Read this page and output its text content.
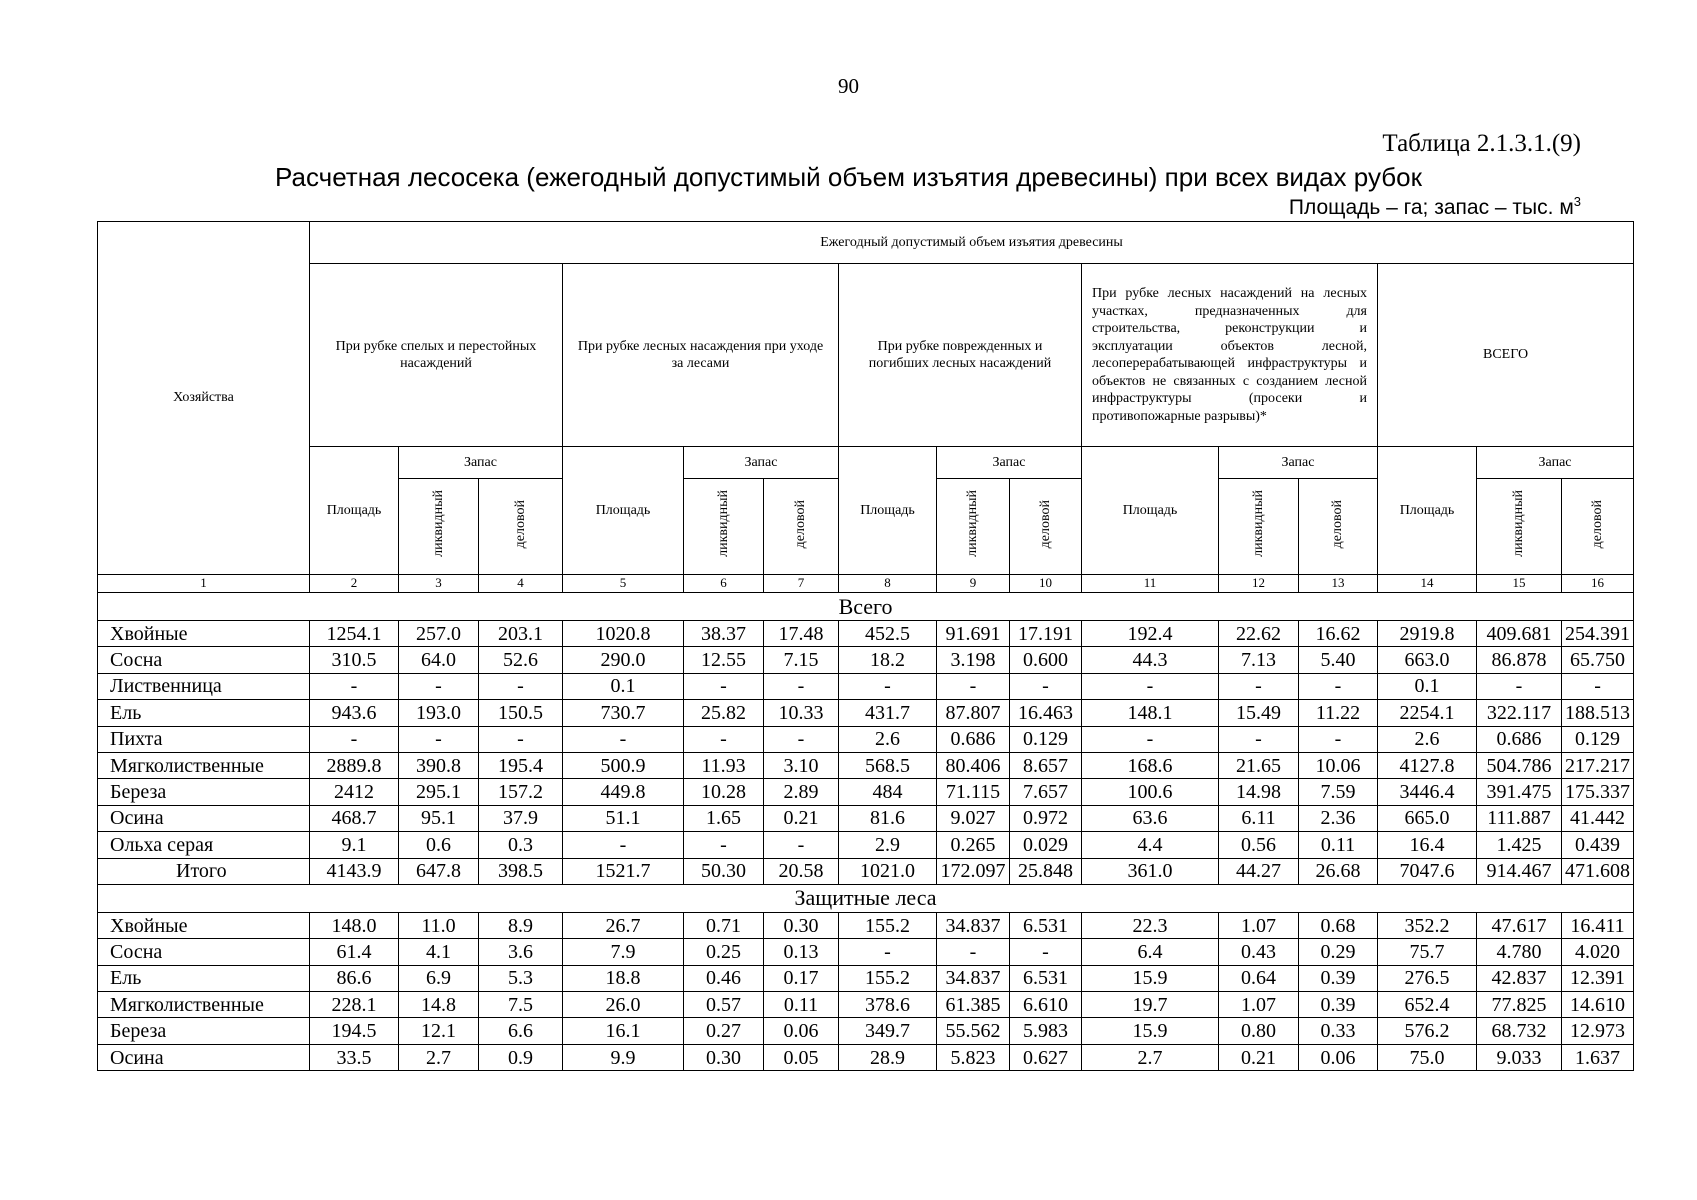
90
Таблица 2.1.3.1.(9)
Расчетная лесосека (ежегодный допустимый объем изъятия древесины) при всех видах рубок
Площадь – га; запас – тыс. $м^3$
Хозяйства	Ежегодный допустимый объем изъятия древесины														
	При рубке спелых и перестойных насаждений			При рубке лесных насаждения при уходе за лесами			При рубке поврежденных и погибших лесных насаждений			При рубке лесных насаждений на лесных участках, предназначенных для строительства, реконструкции и эксплуатации объектов лесной, лесоперерабатывающей инфраструктуры и объектов не связанных с созданием лесной инфраструктуры (просеки и противопожарные разрывы)*			ВСЕГО		
	Площадь	Запас		Площадь	Запас		Площадь	Запас		Площадь	Запас		Площадь	Запас	
		ликвидный	деловой		ликвидный	деловой		ликвидный	деловой		ликвидный	деловой		ликвидный	деловой
1	2	3	4	5	6	7	8	9	10	11	12	13	14	15	16
Всего															
Хвойные	1254.1	257.0	203.1	1020.8	38.37	17.48	452.5	91.691	17.191	192.4	22.62	16.62	2919.8	409.681	254.391
Сосна	310.5	64.0	52.6	290.0	12.55	7.15	18.2	3.198	0.600	44.3	7.13	5.40	663.0	86.878	65.750
Лиственница	-	-	-	0.1	-	-	-	-	-	-	-	-	0.1	-	-
Ель	943.6	193.0	150.5	730.7	25.82	10.33	431.7	87.807	16.463	148.1	15.49	11.22	2254.1	322.117	188.513
Пихта	-	-	-	-	-	-	2.6	0.686	0.129	-	-	-	2.6	0.686	0.129
Мягколиственные	2889.8	390.8	195.4	500.9	11.93	3.10	568.5	80.406	8.657	168.6	21.65	10.06	4127.8	504.786	217.217
Береза	2412	295.1	157.2	449.8	10.28	2.89	484	71.115	7.657	100.6	14.98	7.59	3446.4	391.475	175.337
Осина	468.7	95.1	37.9	51.1	1.65	0.21	81.6	9.027	0.972	63.6	6.11	2.36	665.0	111.887	41.442
Ольха серая	9.1	0.6	0.3	-	-	-	2.9	0.265	0.029	4.4	0.56	0.11	16.4	1.425	0.439
Итого	4143.9	647.8	398.5	1521.7	50.30	20.58	1021.0	172.097	25.848	361.0	44.27	26.68	7047.6	914.467	471.608
Защитные леса															
Хвойные	148.0	11.0	8.9	26.7	0.71	0.30	155.2	34.837	6.531	22.3	1.07	0.68	352.2	47.617	16.411
Сосна	61.4	4.1	3.6	7.9	0.25	0.13	-	-	-	6.4	0.43	0.29	75.7	4.780	4.020
Ель	86.6	6.9	5.3	18.8	0.46	0.17	155.2	34.837	6.531	15.9	0.64	0.39	276.5	42.837	12.391
Мягколиственные	228.1	14.8	7.5	26.0	0.57	0.11	378.6	61.385	6.610	19.7	1.07	0.39	652.4	77.825	14.610
Береза	194.5	12.1	6.6	16.1	0.27	0.06	349.7	55.562	5.983	15.9	0.80	0.33	576.2	68.732	12.973
Осина	33.5	2.7	0.9	9.9	0.30	0.05	28.9	5.823	0.627	2.7	0.21	0.06	75.0	9.033	1.637
